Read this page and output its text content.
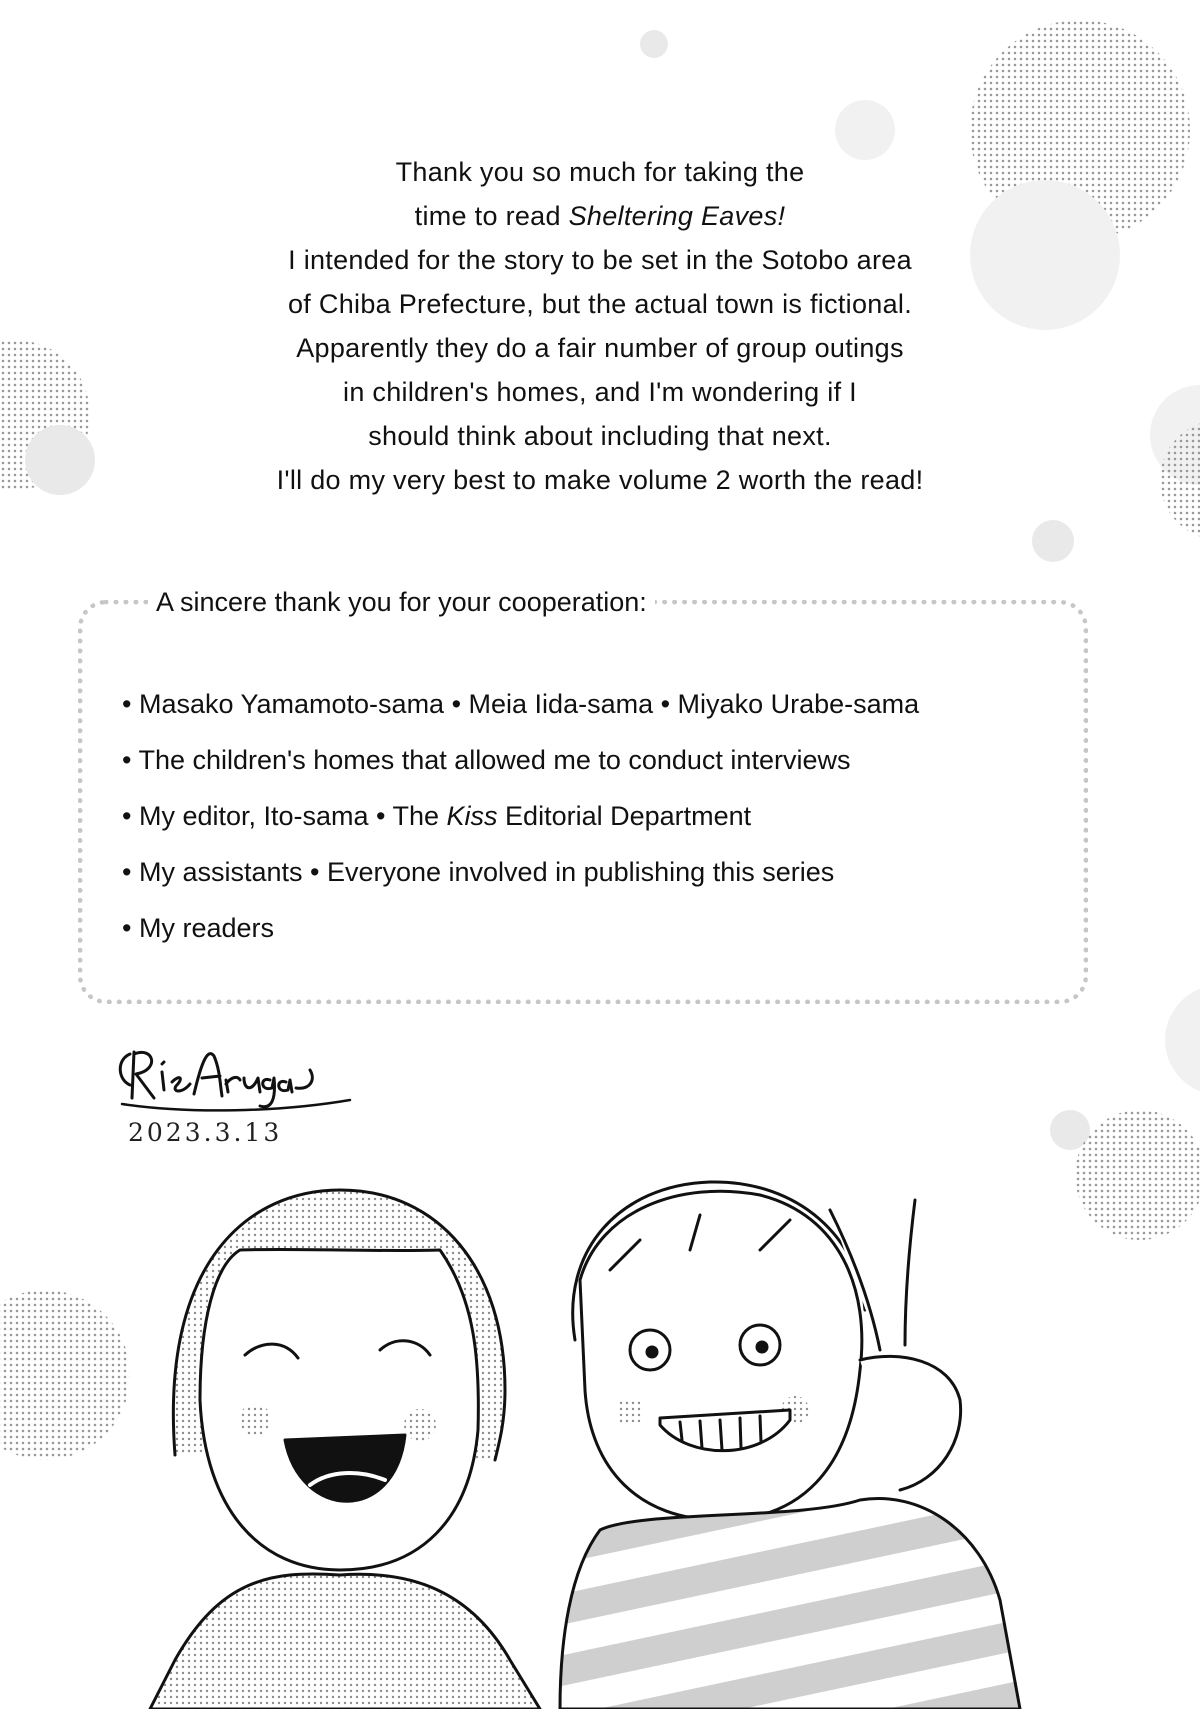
Thank you so much for taking the
time to read Sheltering Eaves!
I intended for the story to be set in the Sotobo area
of Chiba Prefecture, but the actual town is fictional.
Apparently they do a fair number of group outings
in children's homes, and I'm wondering if I
should think about including that next.
I'll do my very best to make volume 2 worth the read!
A sincere thank you for your cooperation:
• Masako Yamamoto-sama • Meia Iida-sama • Miyako Urabe-sama
• The children's homes that allowed me to conduct interviews
• My editor, Ito-sama • The Kiss Editorial Department
• My assistants • Everyone involved in publishing this series
• My readers
2023.3.13
